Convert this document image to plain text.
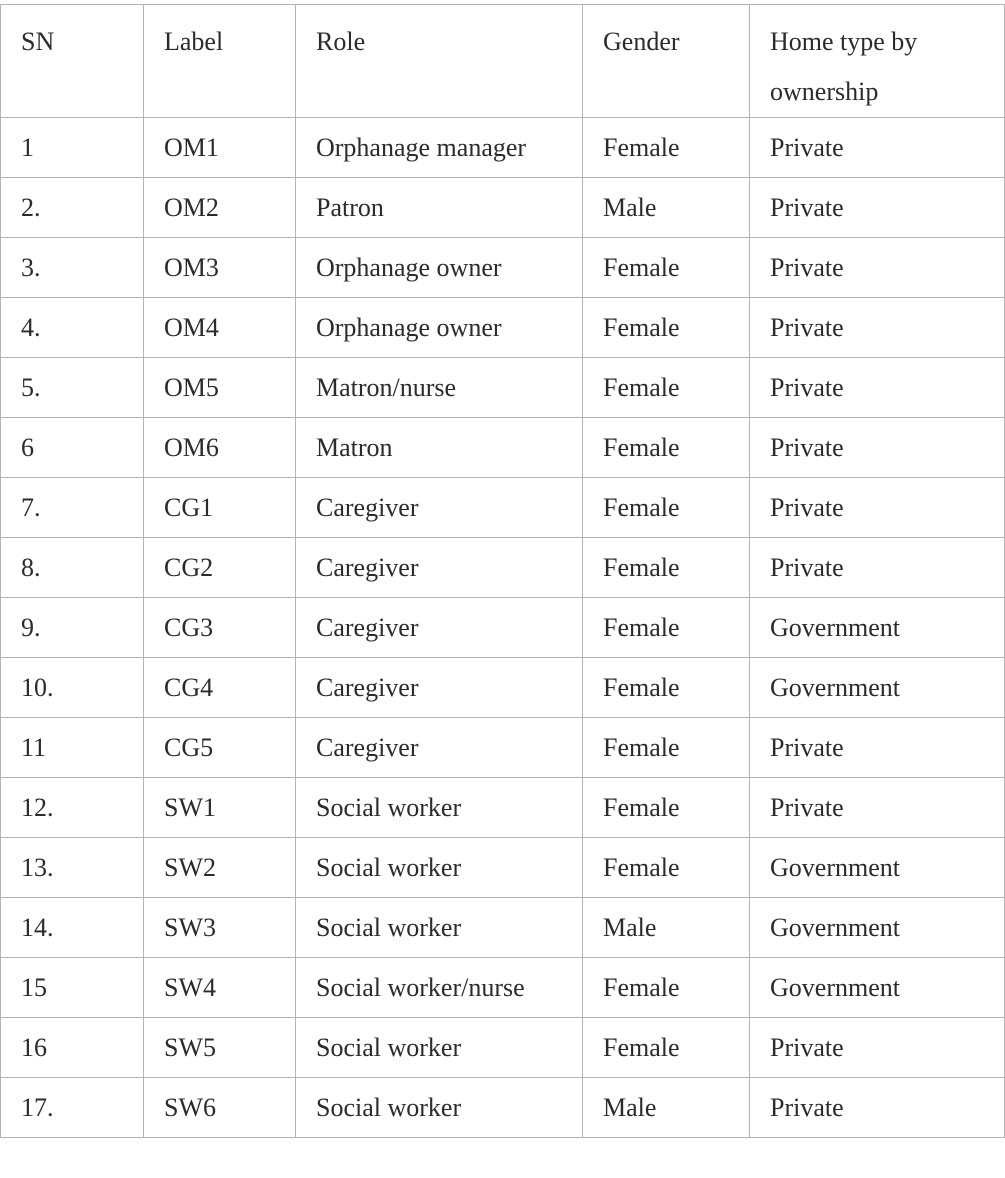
SN	Label	Role	Gender	Home type by ownership
1	OM1	Orphanage manager	Female	Private
2.	OM2	Patron	Male	Private
3.	OM3	Orphanage owner	Female	Private
4.	OM4	Orphanage owner	Female	Private
5.	OM5	Matron/nurse	Female	Private
6	OM6	Matron	Female	Private
7.	CG1	Caregiver	Female	Private
8.	CG2	Caregiver	Female	Private
9.	CG3	Caregiver	Female	Government
10.	CG4	Caregiver	Female	Government
11	CG5	Caregiver	Female	Private
12.	SW1	Social worker	Female	Private
13.	SW2	Social worker	Female	Government
14.	SW3	Social worker	Male	Government
15	SW4	Social worker/nurse	Female	Government
16	SW5	Social worker	Female	Private
17.	SW6	Social worker	Male	Private
